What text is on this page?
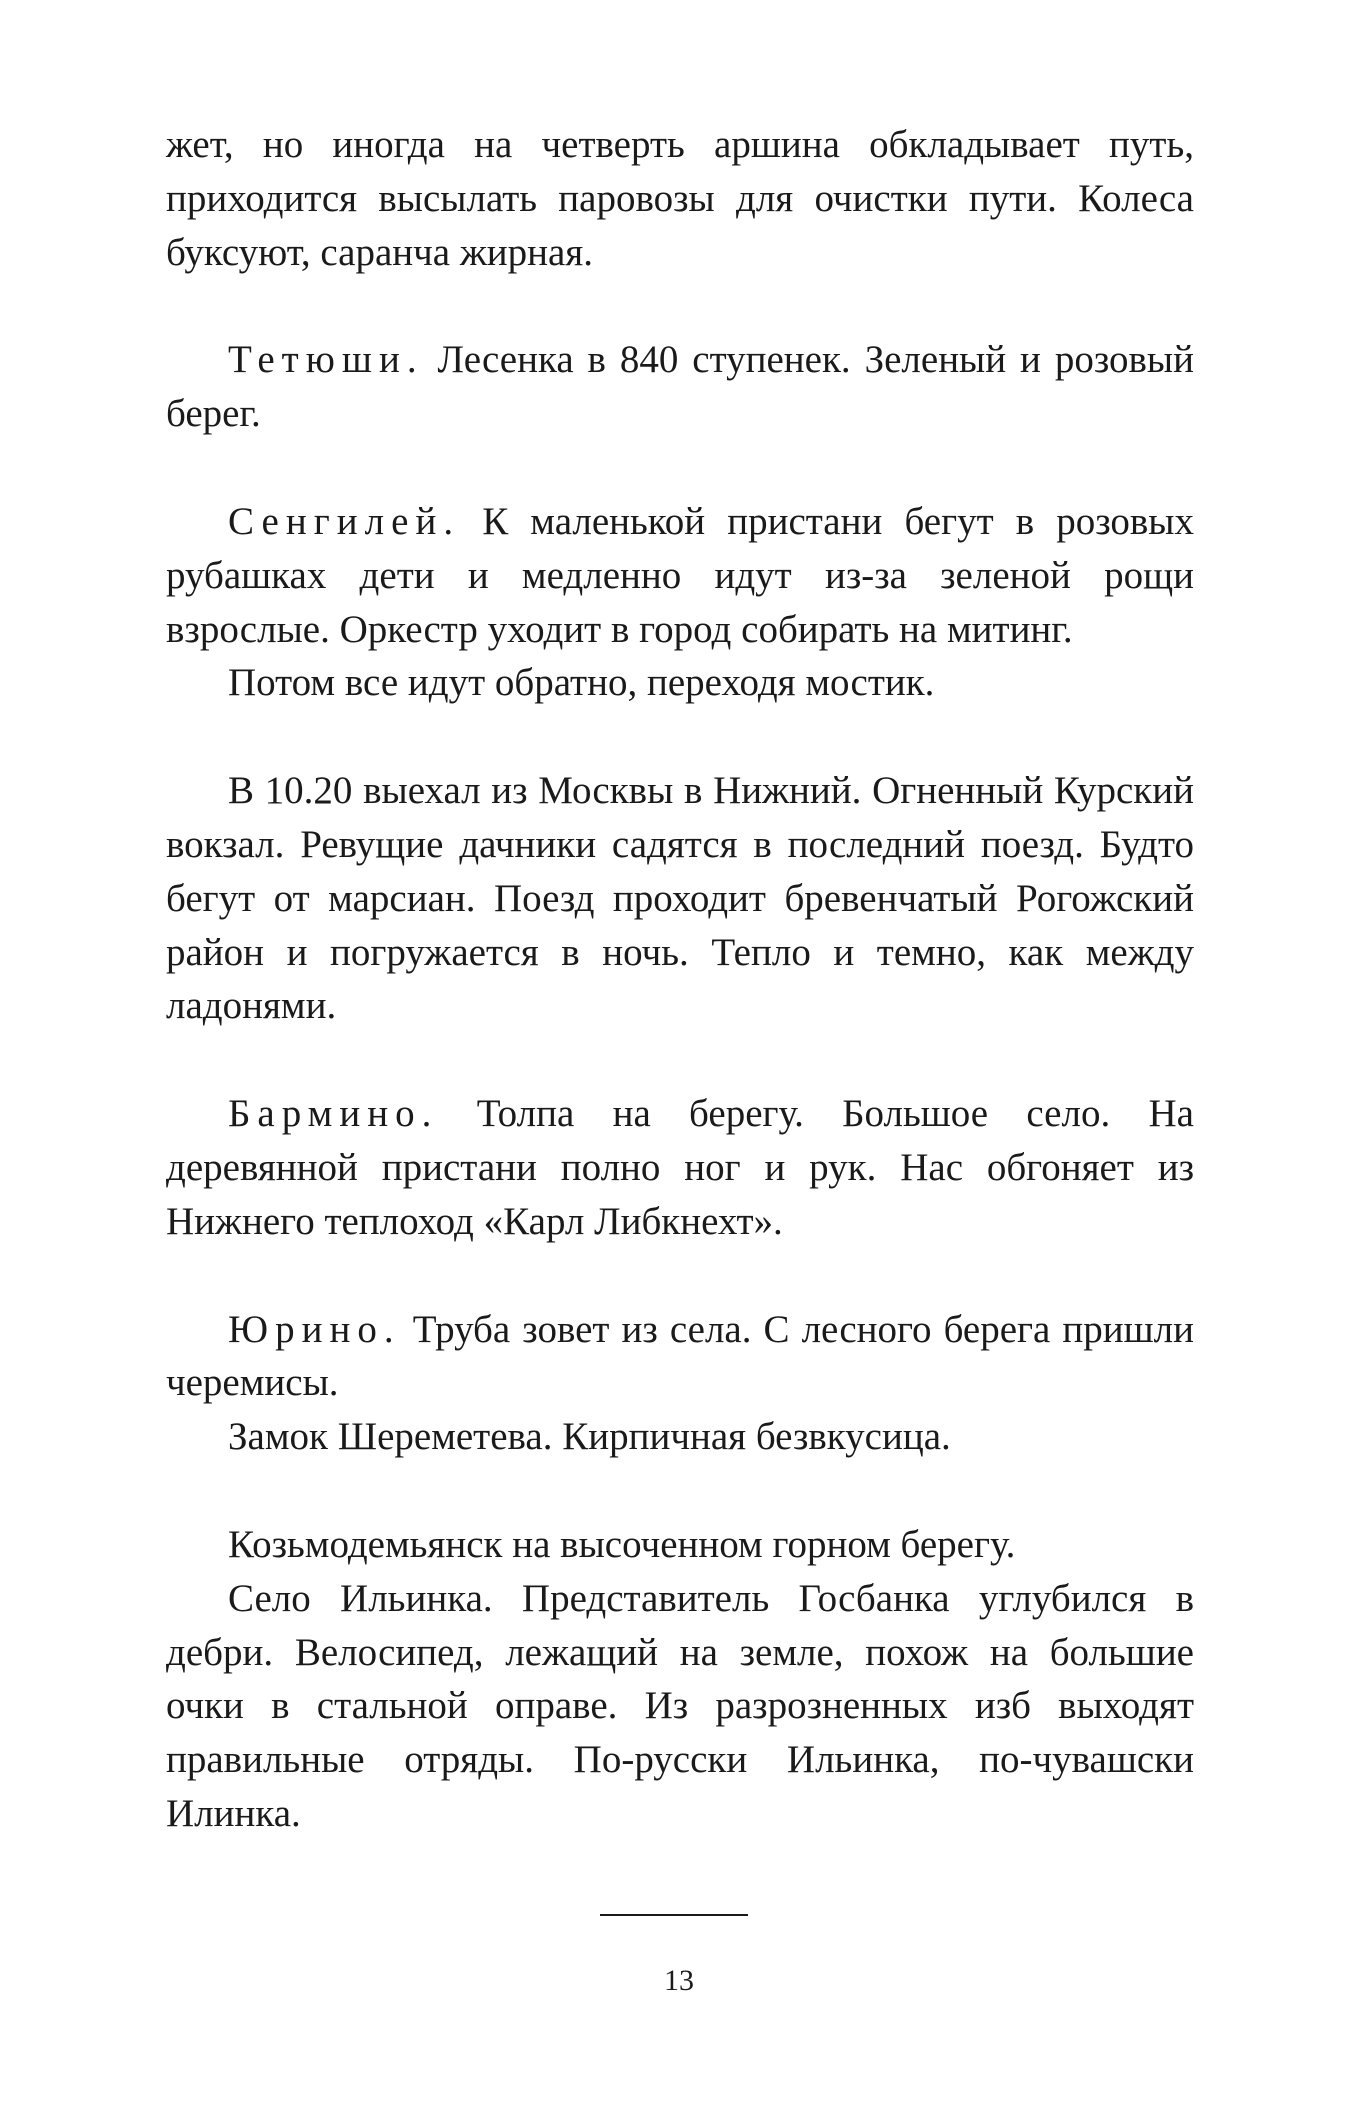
жет, но иногда на четверть аршина обкладывает путь, приходится высылать паровозы для очистки пути. Колеса буксуют, саранча жирная.

Тетюши. Лесенка в 840 ступенек. Зеленый и розовый берег.

Сенгилей. К маленькой пристани бегут в розовых рубашках дети и медленно идут из-за зеленой рощи взрослые. Оркестр уходит в город собирать на митинг.

Потом все идут обратно, переходя мостик.

В 10.20 выехал из Москвы в Нижний. Огненный Курский вокзал. Ревущие дачники садятся в последний поезд. Будто бегут от марсиан. Поезд проходит бревенчатый Рогожский район и погружается в ночь. Тепло и темно, как между ладонями.

Бармино. Толпа на берегу. Большое село. На деревянной пристани полно ног и рук. Нас обгоняет из Нижнего теплоход «Карл Либкнехт».

Юрино. Труба зовет из села. С лесного берега пришли черемисы.

Замок Шереметева. Кирпичная безвкусица.

Козьмодемьянск на высоченном горном берегу.

Село Ильинка. Представитель Госбанка углубился в дебри. Велосипед, лежащий на земле, похож на большие очки в стальной оправе. Из разрозненных изб выходят правильные отряды. По-русски Ильинка, по-чувашски Илинка.

13
